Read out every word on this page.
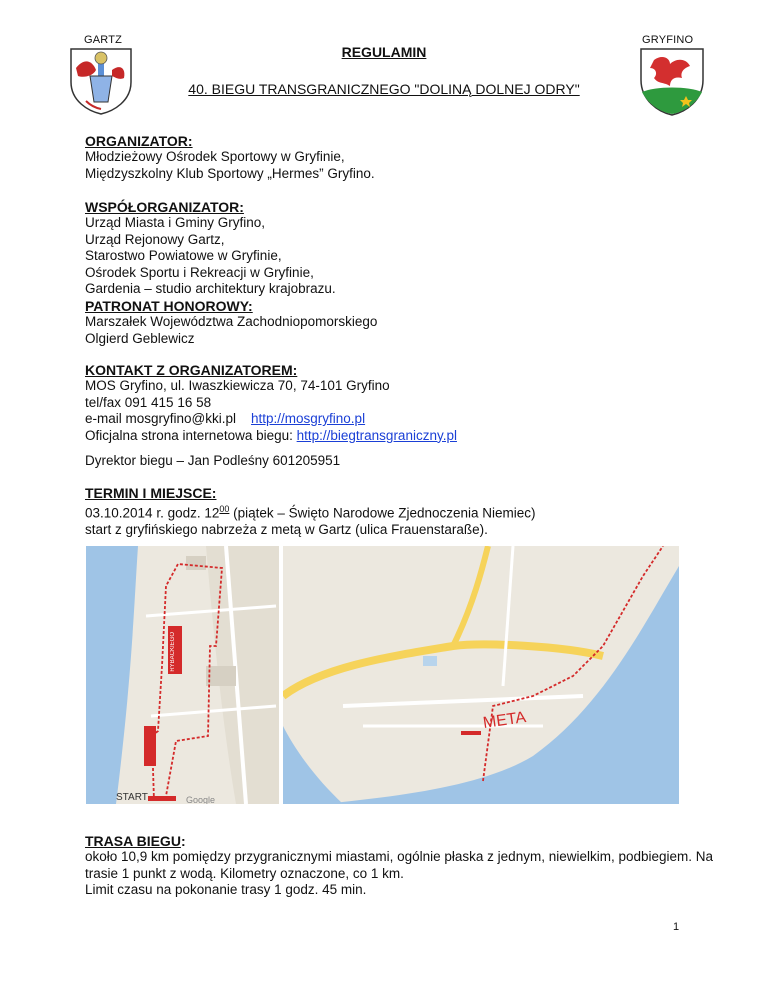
GARTZ	GRYFINO
REGULAMIN
40. BIEGU TRANSGRANICZNEGO "DOLINĄ DOLNEJ ODRY"
ORGANIZATOR:
Młodzieżowy Ośrodek Sportowy w Gryfinie,
Międzyszkolny Klub Sportowy „Hermes” Gryfino.
WSPÓŁORGANIZATOR:
Urząd Miasta i Gminy Gryfino,
Urząd Rejonowy Gartz,
Starostwo Powiatowe w Gryfinie,
Ośrodek Sportu i Rekreacji w Gryfinie,
Gardenia – studio architektury krajobrazu.
PATRONAT HONOROWY:
Marszałek Województwa Zachodniopomorskiego
Olgierd Geblewicz
KONTAKT Z ORGANIZATOREM:
MOS Gryfino, ul. Iwaszkiewicza 70, 74-101 Gryfino
tel/fax 091 415 16 58
e-mail mosgryfino@kki.pl http://mosgryfino.pl
Oficjalna strona internetowa biegu: http://biegtransgraniczny.pl
Dyrektor biegu – Jan Podleśny 601205951
TERMIN I MIEJSCE:
03.10.2014 r. godz. $12^{00}$ (piątek – Święto Narodowe Zjednoczenia Niemiec)
start z gryfińskiego nabrzeża z metą w Gartz (ulica Frauenstaraße).
RYBACKIEGO
START	Google
META
TRASA BIEGU:
około 10,9 km pomiędzy przygranicznymi miastami, ogólnie płaska z jednym, niewielkim, podbiegiem. Na
trasie 1 punkt z wodą. Kilometry oznaczone, co 1 km.
Limit czasu na pokonanie trasy 1 godz. 45 min.
1
